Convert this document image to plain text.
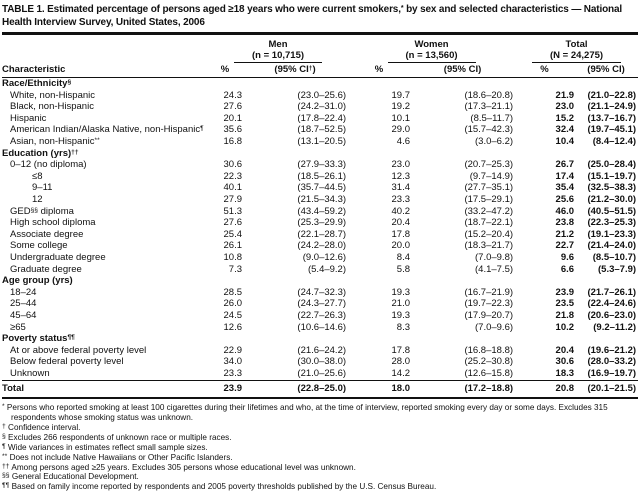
TABLE 1. Estimated percentage of persons aged ≥18 years who were current smokers,* by sex and selected characteristics — National Health Interview Survey, United States, 2006
	Men
(n = 10,715)		Women
(n = 13,560)		Total
(N = 24,275)	
Characteristic	%	(95% CI†)	%	(95% CI)	%	(95% CI)
Race/Ethnicity§
White, non-Hispanic	24.3	(23.0–25.6)	19.7	(18.6–20.8)	21.9	(21.0–22.8)
Black, non-Hispanic	27.6	(24.2–31.0)	19.2	(17.3–21.1)	23.0	(21.1–24.9)
Hispanic	20.1	(17.8–22.4)	10.1	(8.5–11.7)	15.2	(13.7–16.7)
American Indian/Alaska Native, non-Hispanic¶	35.6	(18.7–52.5)	29.0	(15.7–42.3)	32.4	(19.7–45.1)
Asian, non-Hispanic**	16.8	(13.1–20.5)	4.6	(3.0–6.2)	10.4	(8.4–12.4)
Education (yrs)††
0–12 (no diploma)	30.6	(27.9–33.3)	23.0	(20.7–25.3)	26.7	(25.0–28.4)
≤8	22.3	(18.5–26.1)	12.3	(9.7–14.9)	17.4	(15.1–19.7)
9–11	40.1	(35.7–44.5)	31.4	(27.7–35.1)	35.4	(32.5–38.3)
12	27.9	(21.5–34.3)	23.3	(17.5–29.1)	25.6	(21.2–30.0)
GED§§ diploma	51.3	(43.4–59.2)	40.2	(33.2–47.2)	46.0	(40.5–51.5)
High school diploma	27.6	(25.3–29.9)	20.4	(18.7–22.1)	23.8	(22.3–25.3)
Associate degree	25.4	(22.1–28.7)	17.8	(15.2–20.4)	21.2	(19.1–23.3)
Some college	26.1	(24.2–28.0)	20.0	(18.3–21.7)	22.7	(21.4–24.0)
Undergraduate degree	10.8	(9.0–12.6)	8.4	(7.0–9.8)	9.6	(8.5–10.7)
Graduate degree	7.3	(5.4–9.2)	5.8	(4.1–7.5)	6.6	(5.3–7.9)
Age group (yrs)						
18–24	28.5	(24.7–32.3)	19.3	(16.7–21.9)	23.9	(21.7–26.1)
25–44	26.0	(24.3–27.7)	21.0	(19.7–22.3)	23.5	(22.4–24.6)
45–64	24.5	(22.7–26.3)	19.3	(17.9–20.7)	21.8	(20.6–23.0)
≥65	12.6	(10.6–14.6)	8.3	(7.0–9.6)	10.2	(9.2–11.2)
Poverty status¶¶
At or above federal poverty level	22.9	(21.6–24.2)	17.8	(16.8–18.8)	20.4	(19.6–21.2)
Below federal poverty level	34.0	(30.0–38.0)	28.0	(25.2–30.8)	30.6	(28.0–33.2)
Unknown	23.3	(21.0–25.6)	14.2	(12.6–15.8)	18.3	(16.9–19.7)
Total	23.9	(22.8–25.0)	18.0	(17.2–18.8)	20.8	(20.1–21.5)
* Persons who reported smoking at least 100 cigarettes during their lifetimes and who, at the time of interview, reported smoking every day or some days. Excludes 315 respondents whose smoking status was unknown.
† Confidence interval.
§ Excludes 266 respondents of unknown race or multiple races.
¶ Wide variances in estimates reflect small sample sizes.
** Does not include Native Hawaiians or Other Pacific Islanders.
†† Among persons aged ≥25 years. Excludes 305 persons whose educational level was unknown.
§§ General Educational Development.
¶¶ Based on family income reported by respondents and 2005 poverty thresholds published by the U.S. Census Bureau.
